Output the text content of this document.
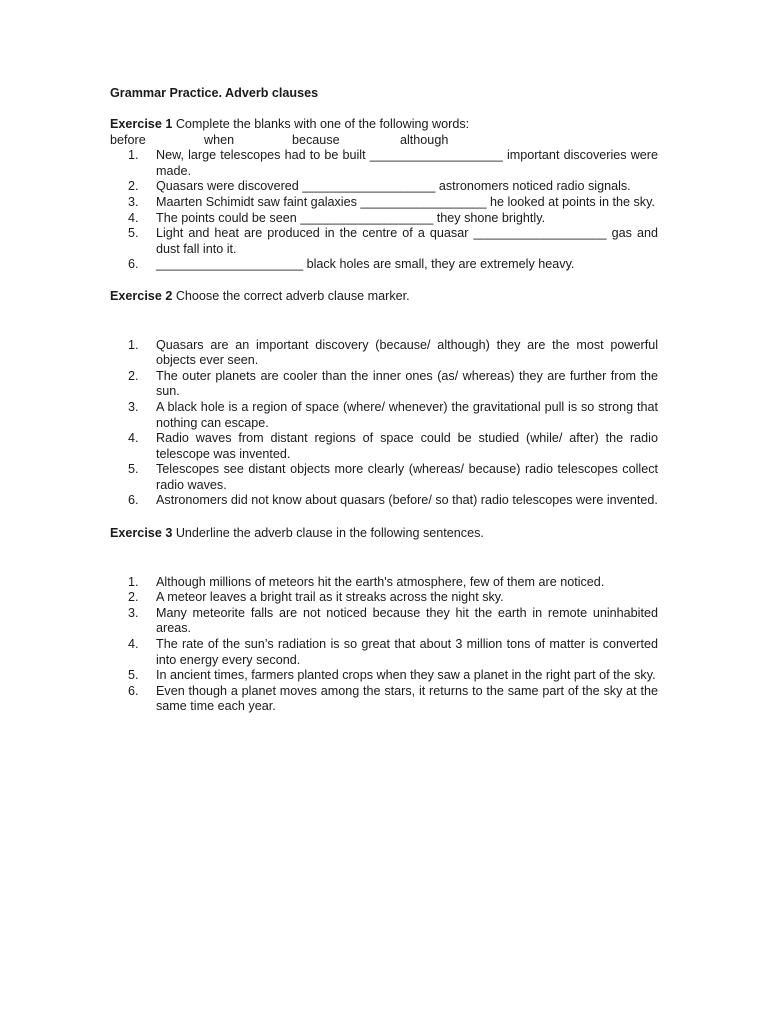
Grammar Practice. Adverb clauses

Exercise 1 Complete the blanks with one of the following words:

before	when	because	although
1.	New, large telescopes had to be built ___________________ important discoveries were made.
2.	Quasars were discovered ___________________ astronomers noticed radio signals.
3.	Maarten Schimidt saw faint galaxies __________________ he looked at points in the sky.
4.	The points could be seen ___________________ they shone brightly.
5.	Light and heat are produced in the centre of a quasar ___________________ gas and dust fall into it.
6.	_____________________ black holes are small, they are extremely heavy.

Exercise 2 Choose the correct adverb clause marker.

1.	Quasars are an important discovery (because/ although) they are the most powerful objects ever seen.
2.	The outer planets are cooler than the inner ones (as/ whereas) they are further from the sun.
3.	A black hole is a region of space (where/ whenever) the gravitational pull is so strong that nothing can escape.
4.	Radio waves from distant regions of space could be studied (while/ after) the radio telescope was invented.
5.	Telescopes see distant objects more clearly (whereas/ because) radio telescopes collect radio waves.
6.	Astronomers did not know about quasars (before/ so that) radio telescopes were invented.

Exercise 3 Underline the adverb clause in the following sentences.

1.	Although millions of meteors hit the earth's atmosphere, few of them are noticed.
2.	A meteor leaves a bright trail as it streaks across the night sky.
3.	Many meteorite falls are not noticed because they hit the earth in remote uninhabited areas.
4.	The rate of the sun’s radiation is so great that about 3 million tons of matter is converted into energy every second.
5.	In ancient times, farmers planted crops when they saw a planet in the right part of the sky.
6.	Even though a planet moves among the stars, it returns to the same part of the sky at the same time each year.
